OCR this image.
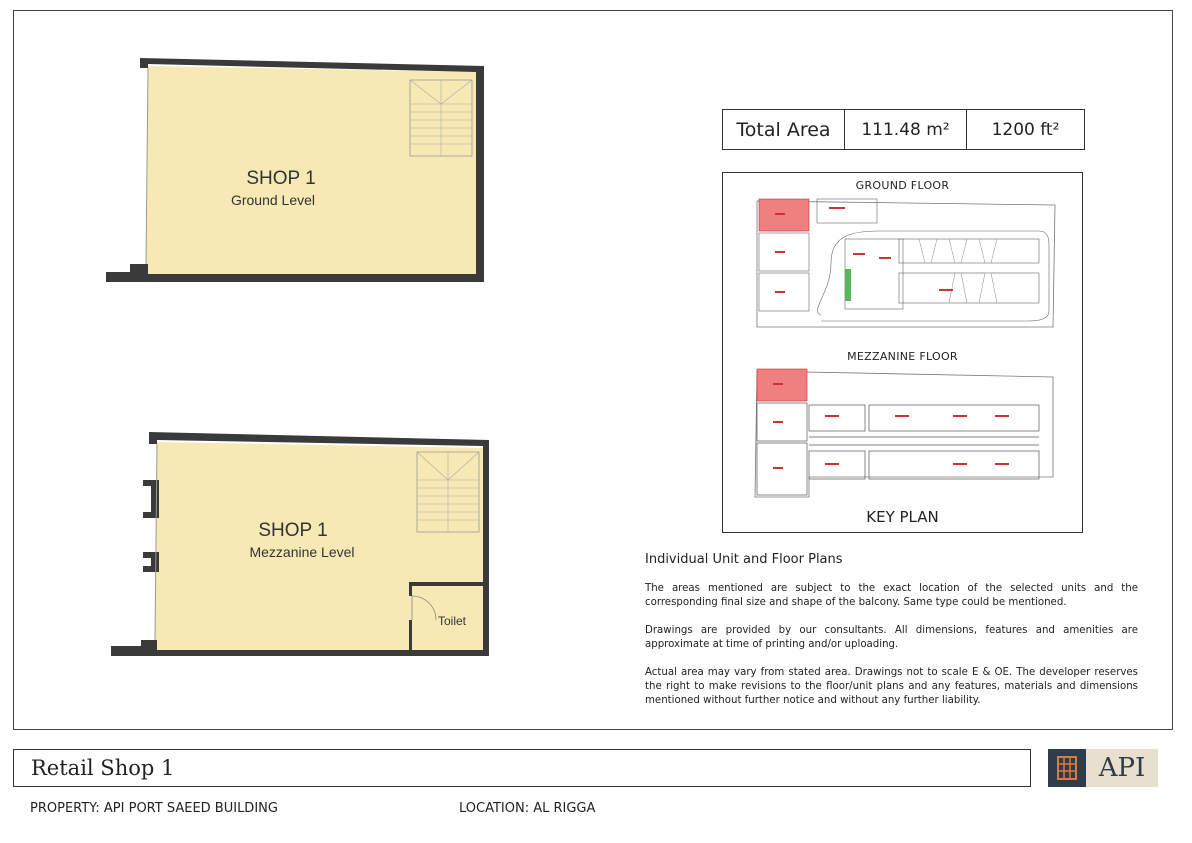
SHOP 1
Ground Level
SHOP 1
Mezzanine Level
Toilet
Total Area	111.48 m²	1200 ft²
GROUND FLOOR
MEZZANINE FLOOR
KEY PLAN
Individual Unit and Floor Plans

The areas mentioned are subject to the exact location of the selected units and the corresponding final size and shape of the balcony. Same type could be mentioned.

Drawings are provided by our consultants. All dimensions, features and amenities are approximate at time of printing and/or uploading.

Actual area may vary from stated area. Drawings not to scale E & OE. The developer reserves the right to make revisions to the floor/unit plans and any features, materials and dimensions mentioned without further notice and without any further liability.

Retail Shop 1	API
PROPERTY: API PORT SAEED BUILDING	LOCATION: AL RIGGA
